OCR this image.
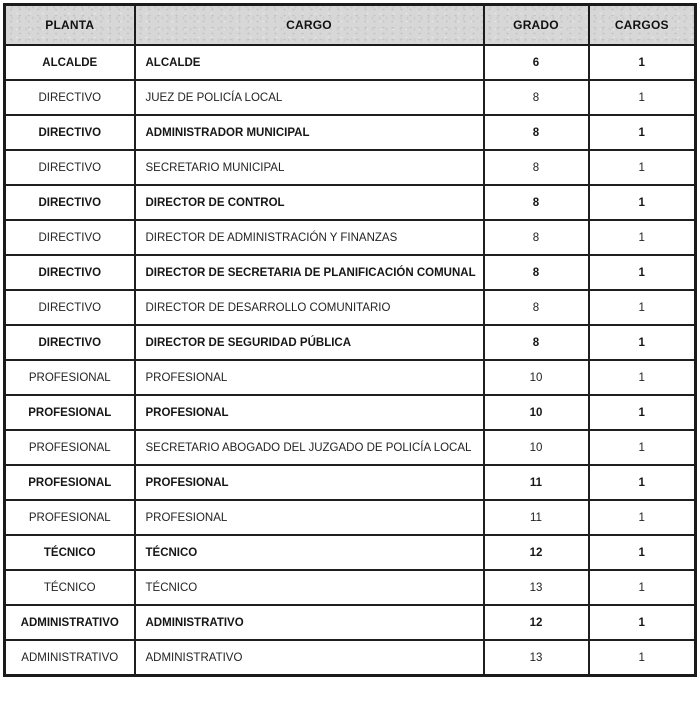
PLANTA	CARGO	GRADO	CARGOS
ALCALDE	ALCALDE	6	1
DIRECTIVO	JUEZ DE POLICÍA LOCAL	8	1
DIRECTIVO	ADMINISTRADOR MUNICIPAL	8	1
DIRECTIVO	SECRETARIO MUNICIPAL	8	1
DIRECTIVO	DIRECTOR DE CONTROL	8	1
DIRECTIVO	DIRECTOR DE ADMINISTRACIÓN Y FINANZAS	8	1
DIRECTIVO	DIRECTOR DE SECRETARIA DE PLANIFICACIÓN COMUNAL	8	1
DIRECTIVO	DIRECTOR DE DESARROLLO COMUNITARIO	8	1
DIRECTIVO	DIRECTOR DE SEGURIDAD PÚBLICA	8	1
PROFESIONAL	PROFESIONAL	10	1
PROFESIONAL	PROFESIONAL	10	1
PROFESIONAL	SECRETARIO ABOGADO DEL JUZGADO DE POLICÍA LOCAL	10	1
PROFESIONAL	PROFESIONAL	11	1
PROFESIONAL	PROFESIONAL	11	1
TÉCNICO	TÉCNICO	12	1
TÉCNICO	TÉCNICO	13	1
ADMINISTRATIVO	ADMINISTRATIVO	12	1
ADMINISTRATIVO	ADMINISTRATIVO	13	1
